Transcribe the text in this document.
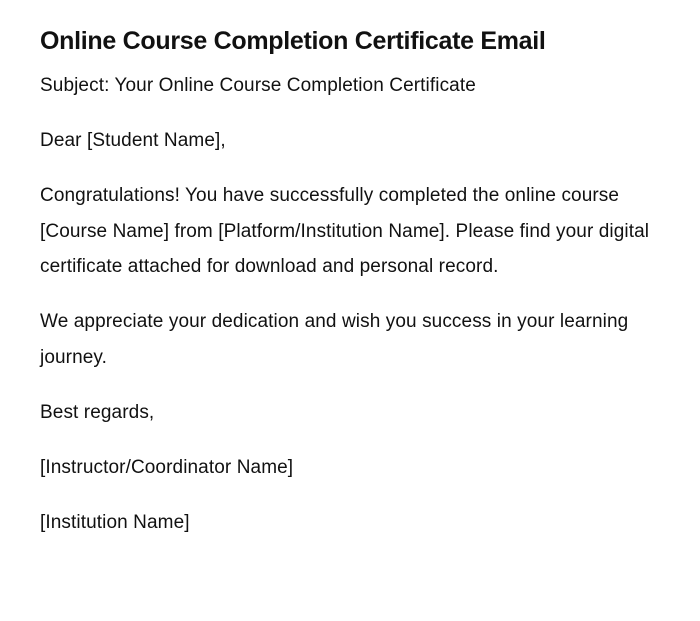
Online Course Completion Certificate Email

Subject: Your Online Course Completion Certificate

Dear [Student Name],

Congratulations! You have successfully completed the online course [Course Name] from [Platform/Institution Name]. Please find your digital certificate attached for download and personal record.

We appreciate your dedication and wish you success in your learning journey.

Best regards,

[Instructor/Coordinator Name]

[Institution Name]
